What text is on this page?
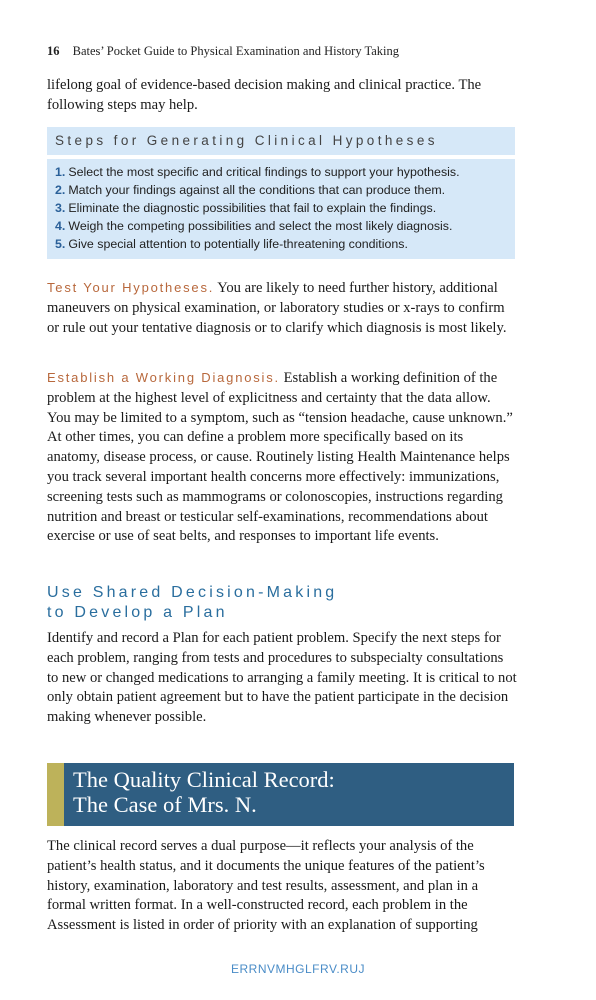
16 Bates’ Pocket Guide to Physical Examination and History Taking

lifelong goal of evidence-based decision making and clinical practice. The following steps may help.

Steps for Generating Clinical Hypotheses
1. Select the most specific and critical findings to support your hypothesis.
2. Match your findings against all the conditions that can produce them.
3. Eliminate the diagnostic possibilities that fail to explain the findings.
4. Weigh the competing possibilities and select the most likely diagnosis.
5. Give special attention to potentially life-threatening conditions.

Test Your Hypotheses. You are likely to need further history, additional maneuvers on physical examination, or laboratory studies or x-rays to confirm or rule out your tentative diagnosis or to clarify which diagnosis is most likely.

Establish a Working Diagnosis. Establish a working definition of the problem at the highest level of explicitness and certainty that the data allow. You may be limited to a symptom, such as “tension headache, cause unknown.” At other times, you can define a problem more specifically based on its anatomy, disease process, or cause. Routinely listing Health Maintenance helps you track several important health concerns more effectively: immunizations, screening tests such as mammograms or colonoscopies, instructions regarding nutrition and breast or testicular self-examinations, recommendations about exercise or use of seat belts, and responses to important life events.

Use Shared Decision-Making
to Develop a Plan

Identify and record a Plan for each patient problem. Specify the next steps for each problem, ranging from tests and procedures to subspecialty consultations to new or changed medications to arranging a family meeting. It is critical to not only obtain patient agreement but to have the patient participate in the decision making whenever possible.

The Quality Clinical Record:
The Case of Mrs. N.

The clinical record serves a dual purpose—it reflects your analysis of the patient’s health status, and it documents the unique features of the patient’s history, examination, laboratory and test results, assessment, and plan in a formal written format. In a well-constructed record, each problem in the Assessment is listed in order of priority with an explanation of supporting

ERRNVMHGLFRV.RUJ
